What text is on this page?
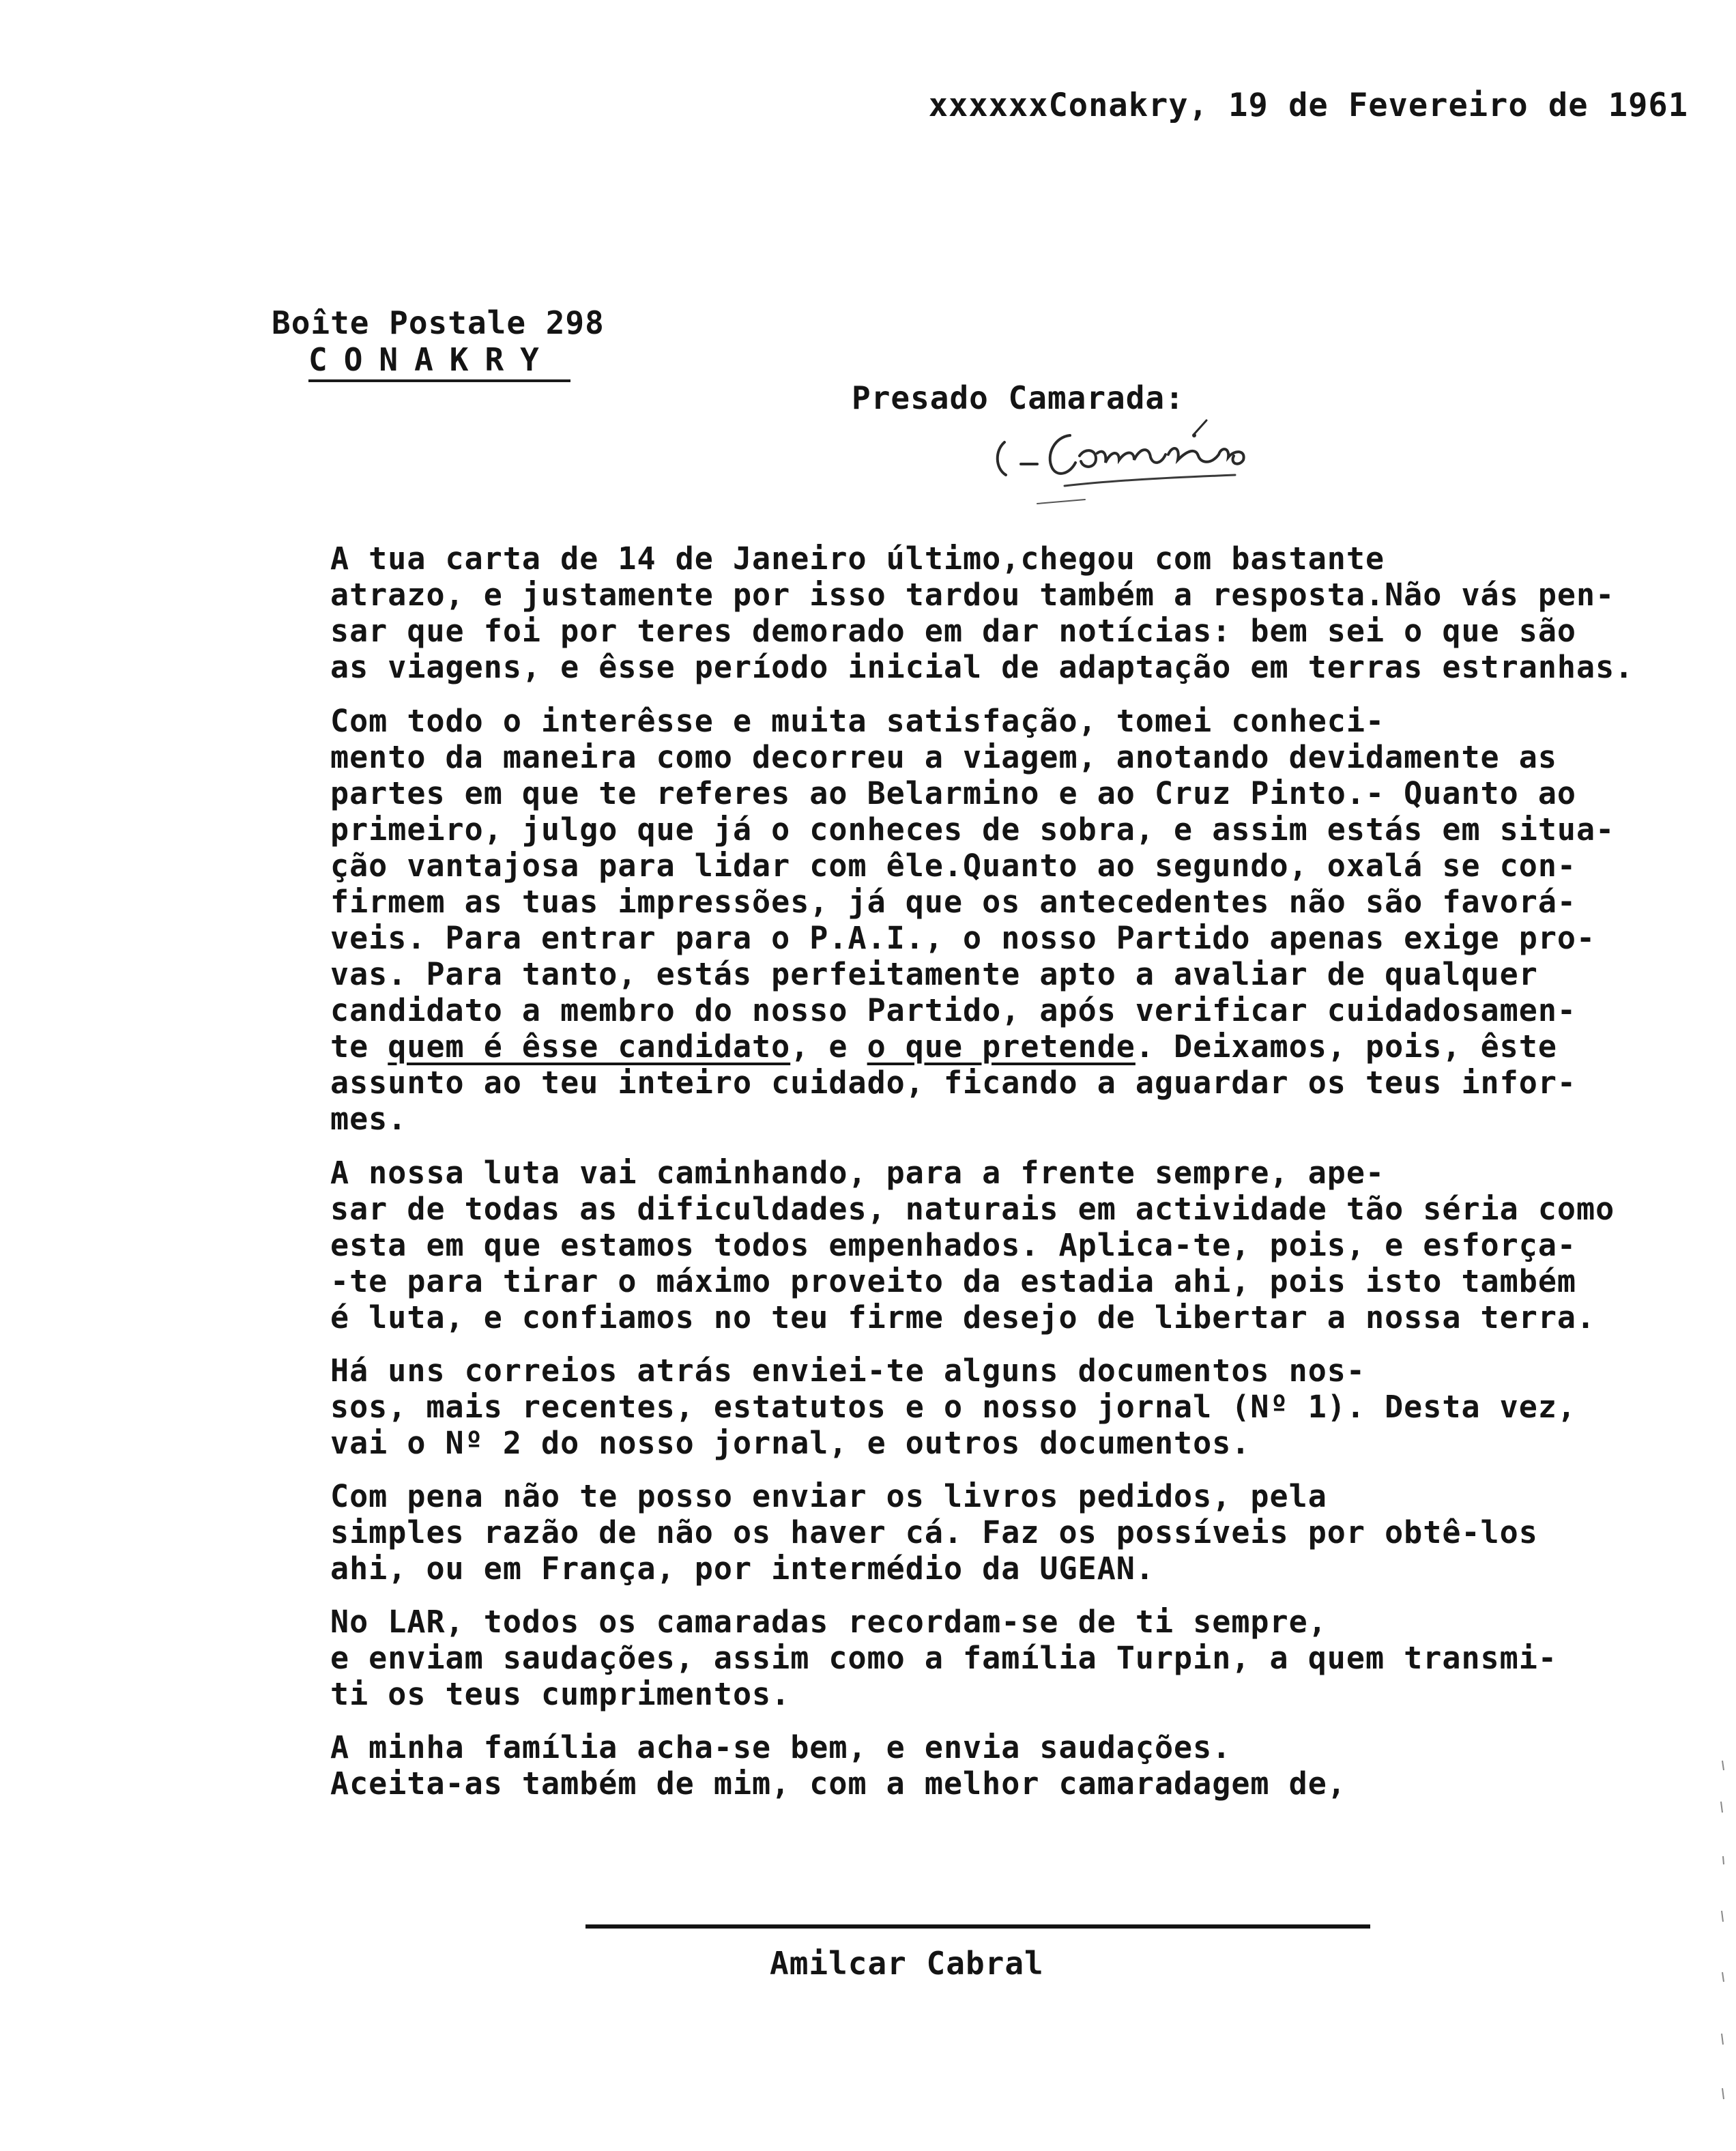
xxxxxxConakry, 19 de Fevereiro de 1961
Boîte Postale 298
CONAKRY
Presado Camarada:
A tua carta de 14 de Janeiro último,chegou com bastante
atrazo, e justamente por isso tardou também a resposta.Não vás pen-
sar que foi por teres demorado em dar notícias: bem sei o que são
as viagens, e êsse período inicial de adaptação em terras estranhas.
Com todo o interêsse e muita satisfação, tomei conheci-
mento da maneira como decorreu a viagem, anotando devidamente as
partes em que te referes ao Belarmino e ao Cruz Pinto.- Quanto ao
primeiro, julgo que já o conheces de sobra, e assim estás em situa-
ção vantajosa para lidar com êle.Quanto ao segundo, oxalá se con-
firmem as tuas impressões, já que os antecedentes não são favorá-
veis. Para entrar para o P.A.I., o nosso Partido apenas exige pro-
vas. Para tanto, estás perfeitamente apto a avaliar de qualquer
candidato a membro do nosso Partido, após verificar cuidadosamen-
te quem é êsse candidato, e o que pretende. Deixamos, pois, êste
assunto ao teu inteiro cuidado, ficando a aguardar os teus infor-
mes.
A nossa luta vai caminhando, para a frente sempre, ape-
sar de todas as dificuldades, naturais em actividade tão séria como
esta em que estamos todos empenhados. Aplica-te, pois, e esforça-
-te para tirar o máximo proveito da estadia ahi, pois isto também
é luta, e confiamos no teu firme desejo de libertar a nossa terra.
Há uns correios atrás enviei-te alguns documentos nos-
sos, mais recentes, estatutos e o nosso jornal (Nº 1). Desta vez,
vai o Nº 2 do nosso jornal, e outros documentos.
Com pena não te posso enviar os livros pedidos, pela
simples razão de não os haver cá. Faz os possíveis por obtê-los
ahi, ou em França, por intermédio da UGEAN.
No LAR, todos os camaradas recordam-se de ti sempre,
e enviam saudações, assim como a família Turpin, a quem transmi-
ti os teus cumprimentos.
A minha família acha-se bem, e envia saudações.
Aceita-as também de mim, com a melhor camaradagem de,
Amilcar Cabral
